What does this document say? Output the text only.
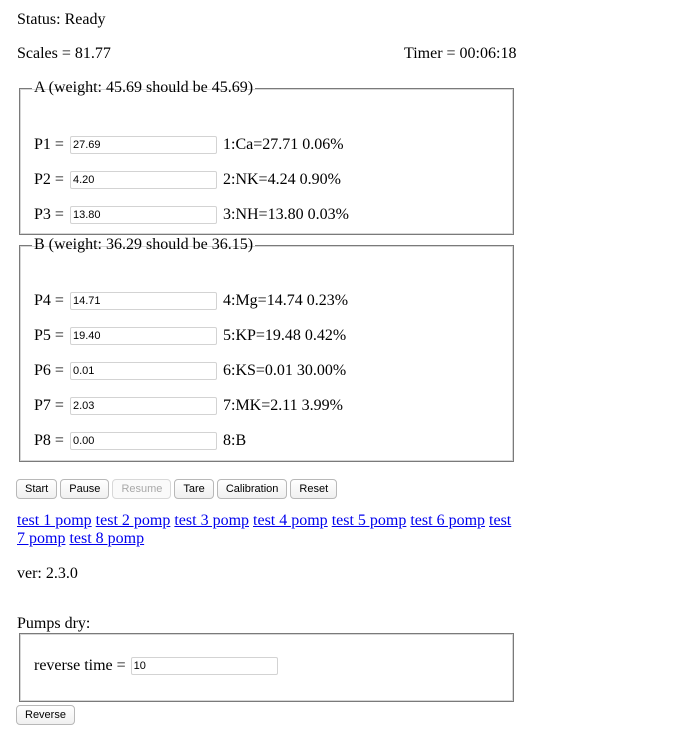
Status: Ready
Scales = 81.77	Timer = 00:06:18
A (weight: 45.69 should be 45.69)
P1 =
27.69	1:Ca=27.71 0.06%
P2 =
4.20	2:NK=4.24 0.90%
P3 =
13.80	3:NH=13.80 0.03%
B (weight: 36.29 should be 36.15)
P4 =
14.71	4:Mg=14.74 0.23%
P5 =
19.40	5:KP=19.48 0.42%
P6 =
0.01	6:KS=0.01 30.00%
P7 =
2.03	7:MK=2.11 3.99%
P8 =
0.00	8:B
Start	Pause	Resume	Tare	Calibration	Reset
test 1 pomp test 2 pomp test 3 pomp test 4 pomp test 5 pomp test 6 pomp test 7 pomp test 8 pomp
ver: 2.3.0
Pumps dry:
reverse time =
10
Reverse
